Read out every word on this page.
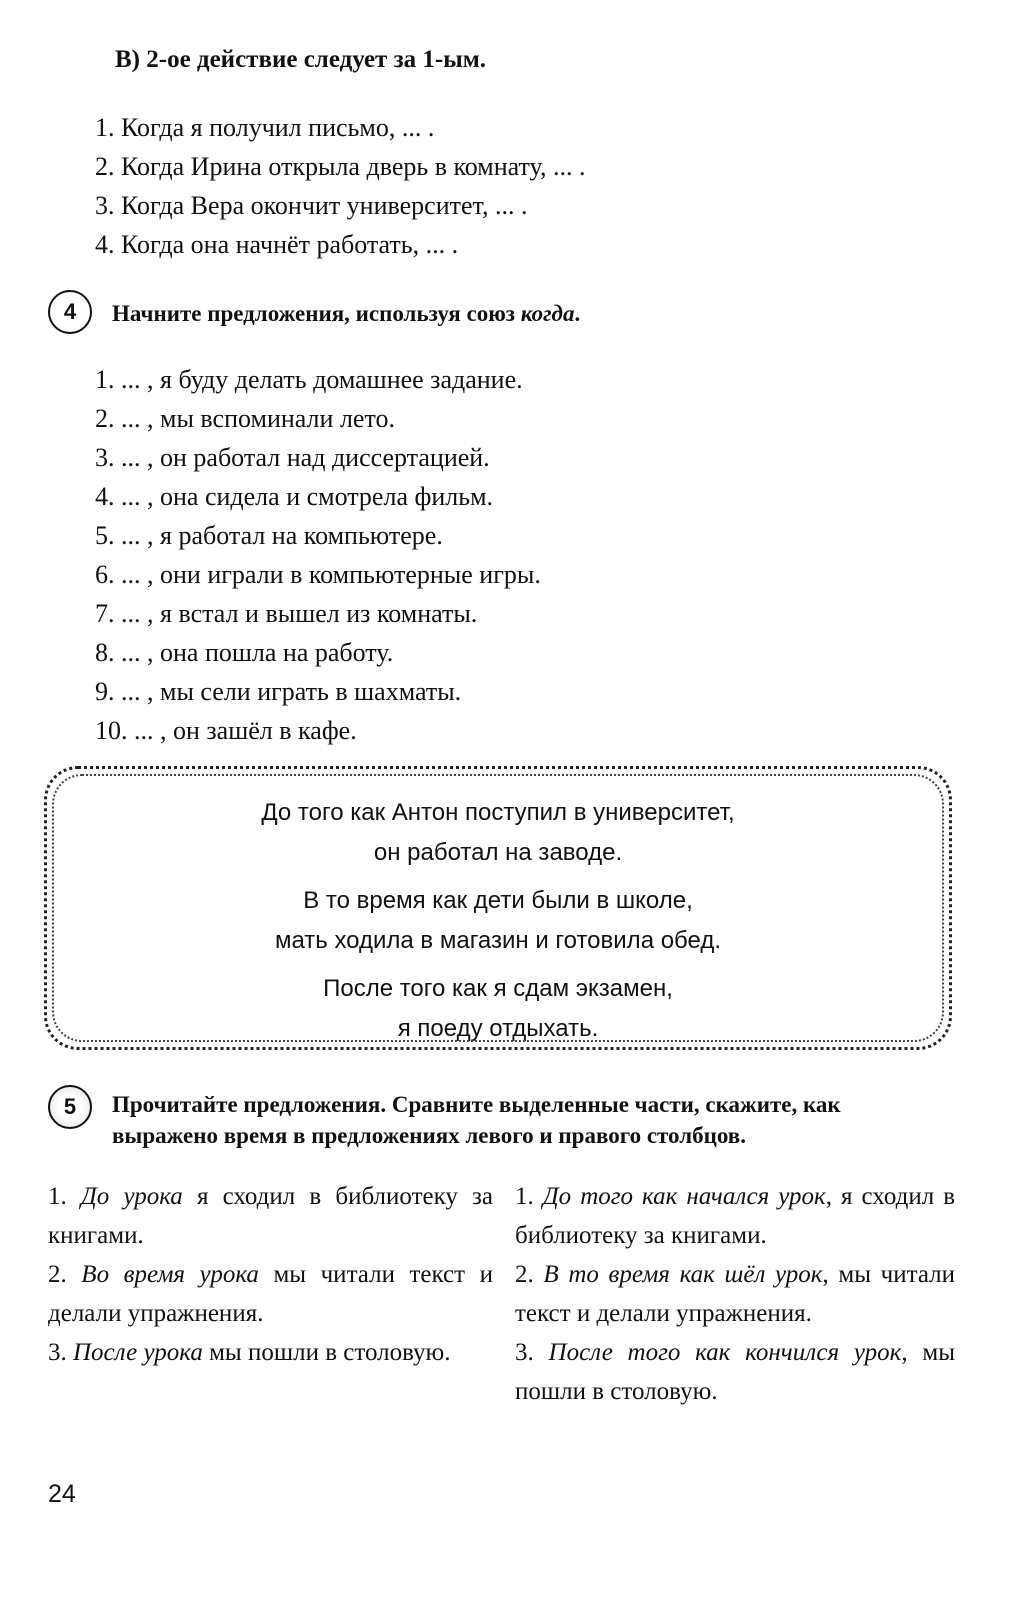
В) 2-ое действие следует за 1-ым.
1. Когда я получил письмо, ... .
2. Когда Ирина открыла дверь в комнату, ... .
3. Когда Вера окончит университет, ... .
4. Когда она начнёт работать, ... .
4	Начните предложения, используя союз когда.
1. ... , я буду делать домашнее задание.
2. ... , мы вспоминали лето.
3. ... , он работал над диссертацией.
4. ... , она сидела и смотрела фильм.
5. ... , я работал на компьютере.
6. ... , они играли в компьютерные игры.
7. ... , я встал и вышел из комнаты.
8. ... , она пошла на работу.
9. ... , мы сели играть в шахматы.
10. ... , он зашёл в кафе.
До того как Антон поступил в университет,
он работал на заводе.
В то время как дети были в школе,
мать ходила в магазин и готовила обед.
После того как я сдам экзамен,
я поеду отдыхать.
5	Прочитайте предложения. Сравните выделенные части, скажите, как выражено время в предложениях левого и правого столбцов.

1. До урока я сходил в библиотеку за книгами.

2. Во время урока мы читали текст и делали упражнения.

3. После урока мы пошли в столовую.

1. До того как начался урок, я сходил в библиотеку за книгами.

2. В то время как шёл урок, мы читали текст и делали упражнения.

3. После того как кончился урок, мы пошли в столовую.

24
